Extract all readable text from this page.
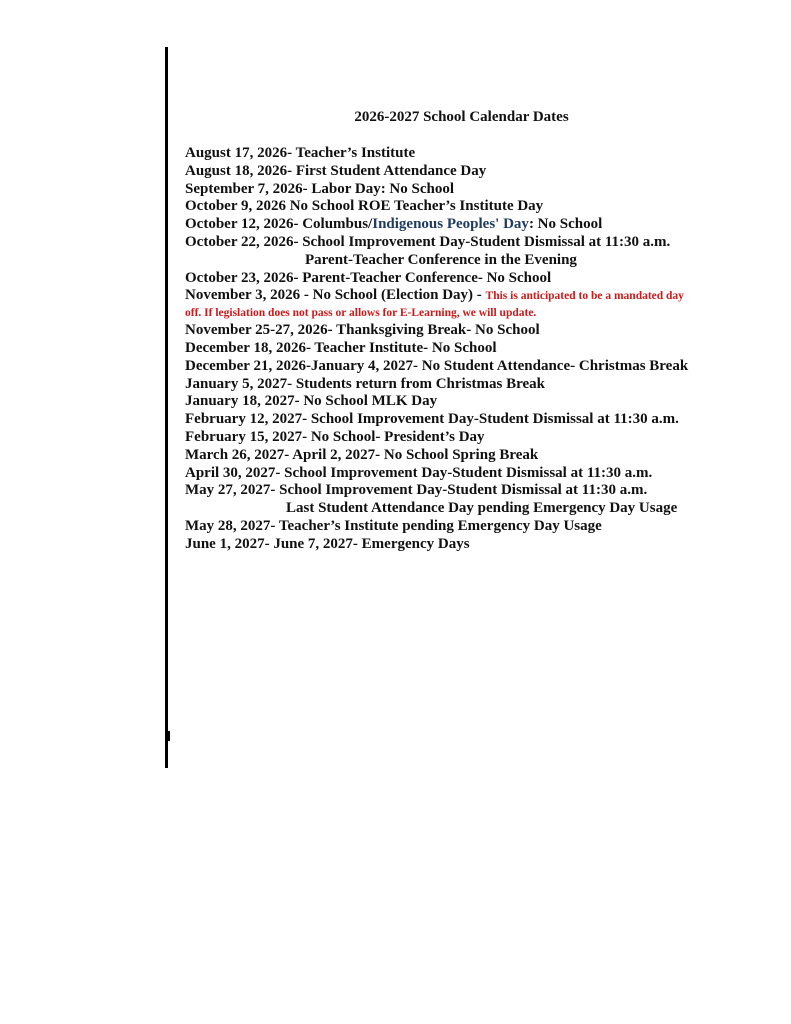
2026-2027 School Calendar Dates
August 17, 2026- Teacher’s Institute
August 18, 2026- First Student Attendance Day
September 7, 2026- Labor Day: No School
October 9, 2026 No School ROE Teacher’s Institute Day
October 12, 2026- Columbus/Indigenous Peoples' Day: No School
October 22, 2026- School Improvement Day-Student Dismissal at 11:30 a.m.
Parent-Teacher Conference in the Evening
October 23, 2026- Parent-Teacher Conference- No School
November 3, 2026 - No School (Election Day) - This is anticipated to be a mandated day
off. If legislation does not pass or allows for E-Learning, we will update.
November 25-27, 2026- Thanksgiving Break- No School
December 18, 2026- Teacher Institute- No School
December 21, 2026-January 4, 2027- No Student Attendance- Christmas Break
January 5, 2027- Students return from Christmas Break
January 18, 2027- No School MLK Day
February 12, 2027- School Improvement Day-Student Dismissal at 11:30 a.m.
February 15, 2027- No School- President’s Day
March 26, 2027- April 2, 2027- No School Spring Break
April 30, 2027- School Improvement Day-Student Dismissal at 11:30 a.m.
May 27, 2027- School Improvement Day-Student Dismissal at 11:30 a.m.
Last Student Attendance Day pending Emergency Day Usage
May 28, 2027- Teacher’s Institute pending Emergency Day Usage
June 1, 2027- June 7, 2027- Emergency Days
